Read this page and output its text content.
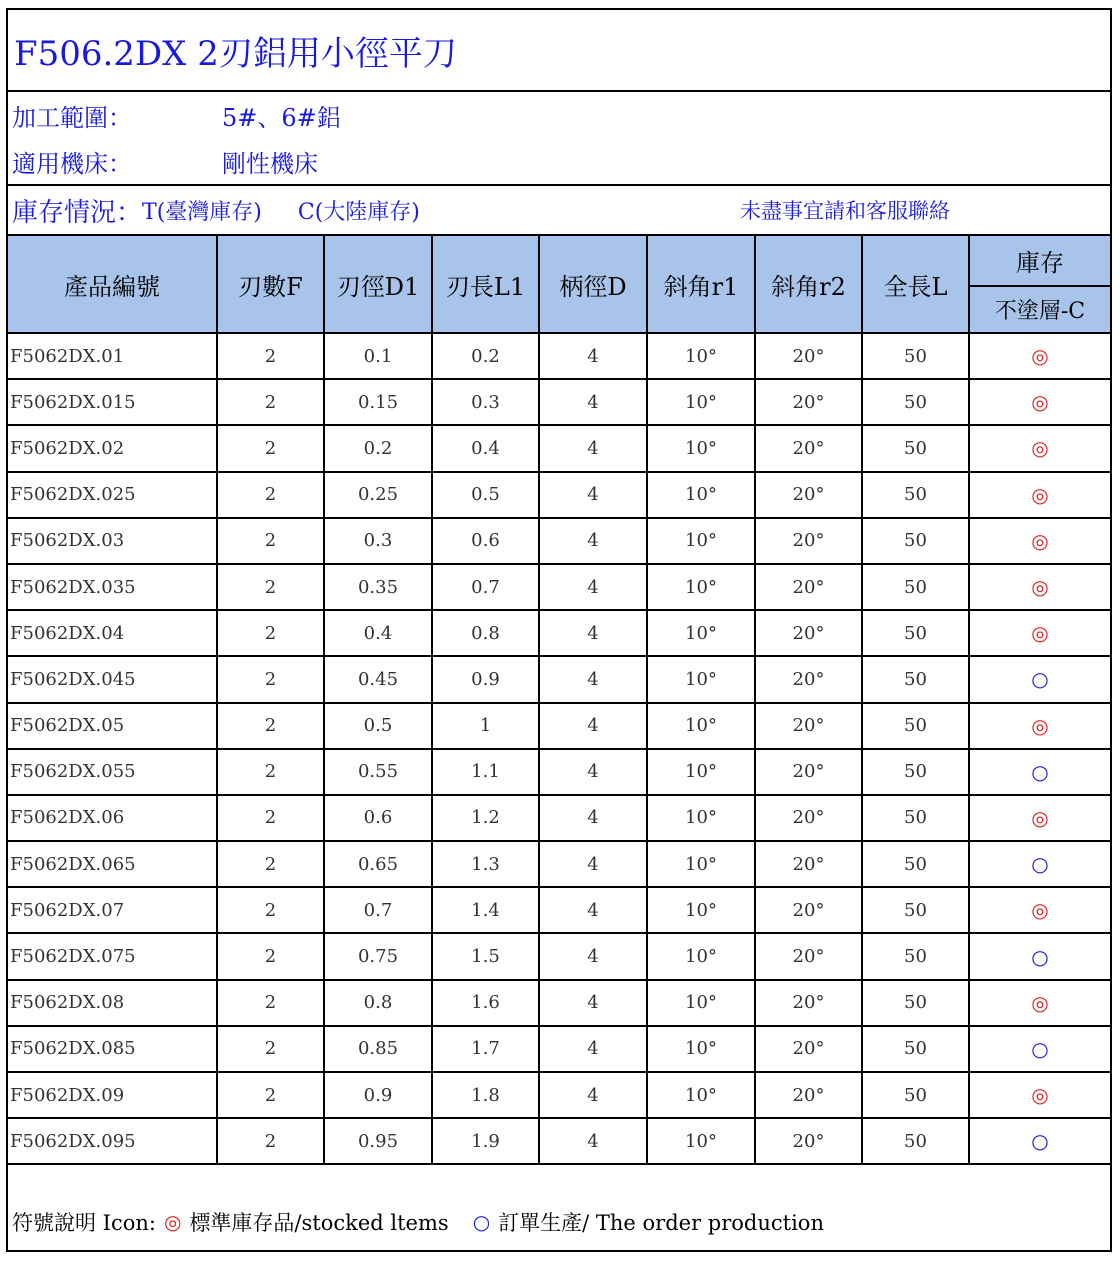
F506.2DX 2刃鋁用小徑平刀
加工範圍：	5#、6#鋁
適用機床：	剛性機床
庫存情況： T(臺灣庫存) C(大陸庫存)	未盡事宜請和客服聯絡
產品編號	刃數F	刃徑D1	刃長L1	柄徑D	斜角r1	斜角r2	全長L	庫存
								不塗層-C
F5062DX.01	2	0.1	0.2	4	10°	20°	50	◎
F5062DX.015	2	0.15	0.3	4	10°	20°	50	◎
F5062DX.02	2	0.2	0.4	4	10°	20°	50	◎
F5062DX.025	2	0.25	0.5	4	10°	20°	50	◎
F5062DX.03	2	0.3	0.6	4	10°	20°	50	◎
F5062DX.035	2	0.35	0.7	4	10°	20°	50	◎
F5062DX.04	2	0.4	0.8	4	10°	20°	50	◎
F5062DX.045	2	0.45	0.9	4	10°	20°	50	○
F5062DX.05	2	0.5	1	4	10°	20°	50	◎
F5062DX.055	2	0.55	1.1	4	10°	20°	50	○
F5062DX.06	2	0.6	1.2	4	10°	20°	50	◎
F5062DX.065	2	0.65	1.3	4	10°	20°	50	○
F5062DX.07	2	0.7	1.4	4	10°	20°	50	◎
F5062DX.075	2	0.75	1.5	4	10°	20°	50	○
F5062DX.08	2	0.8	1.6	4	10°	20°	50	◎
F5062DX.085	2	0.85	1.7	4	10°	20°	50	○
F5062DX.09	2	0.9	1.8	4	10°	20°	50	◎
F5062DX.095	2	0.95	1.9	4	10°	20°	50	○
符號說明 Icon: ◎ 標準庫存品/stocked ltems ○ 訂單生產/ The order production
